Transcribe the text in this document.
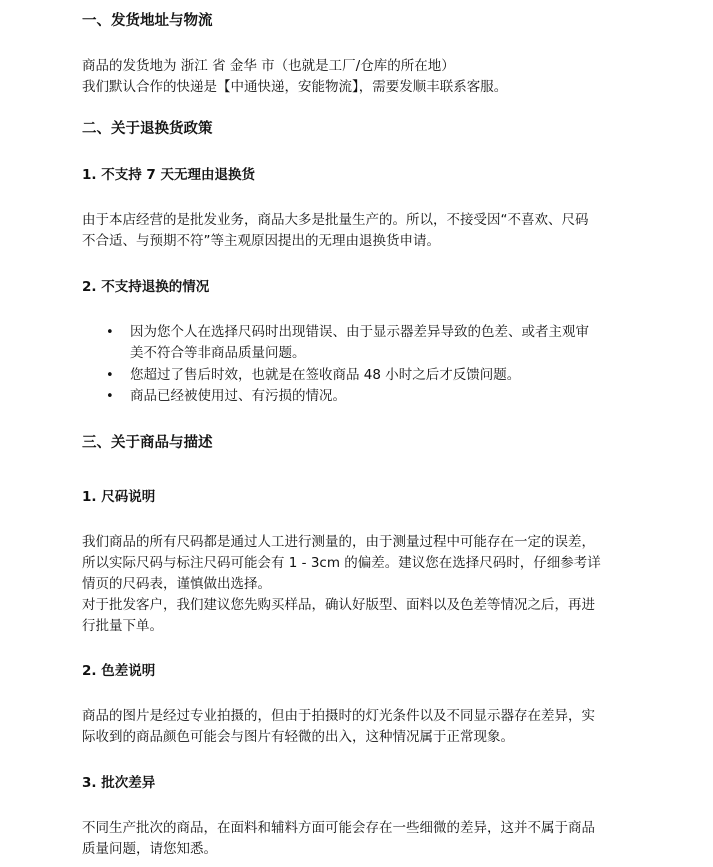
一、发货地址与物流
商品的发货地为 浙江 省 金华 市（也就是工厂/仓库的所在地）
我们默认合作的快递是【中通快递，安能物流】，需要发顺丰联系客服。
二、关于退换货政策
1. 不支持 7 天无理由退换货
由于本店经营的是批发业务，商品大多是批量生产的。所以，不接受因“不喜欢、尺码
不合适、与预期不符”等主观原因提出的无理由退换货申请。
2. 不支持退换的情况
• 因为您个人在选择尺码时出现错误、由于显示器差异导致的色差、或者主观审
美不符合等非商品质量问题。
• 您超过了售后时效，也就是在签收商品 48 小时之后才反馈问题。
• 商品已经被使用过、有污损的情况。
三、关于商品与描述
1. 尺码说明
我们商品的所有尺码都是通过人工进行测量的，由于测量过程中可能存在一定的误差，
所以实际尺码与标注尺码可能会有 1 - 3cm 的偏差。建议您在选择尺码时，仔细参考详
情页的尺码表，谨慎做出选择。
对于批发客户，我们建议您先购买样品，确认好版型、面料以及色差等情况之后，再进
行批量下单。
2. 色差说明
商品的图片是经过专业拍摄的，但由于拍摄时的灯光条件以及不同显示器存在差异，实
际收到的商品颜色可能会与图片有轻微的出入，这种情况属于正常现象。
3. 批次差异
不同生产批次的商品，在面料和辅料方面可能会存在一些细微的差异，这并不属于商品
质量问题，请您知悉。
